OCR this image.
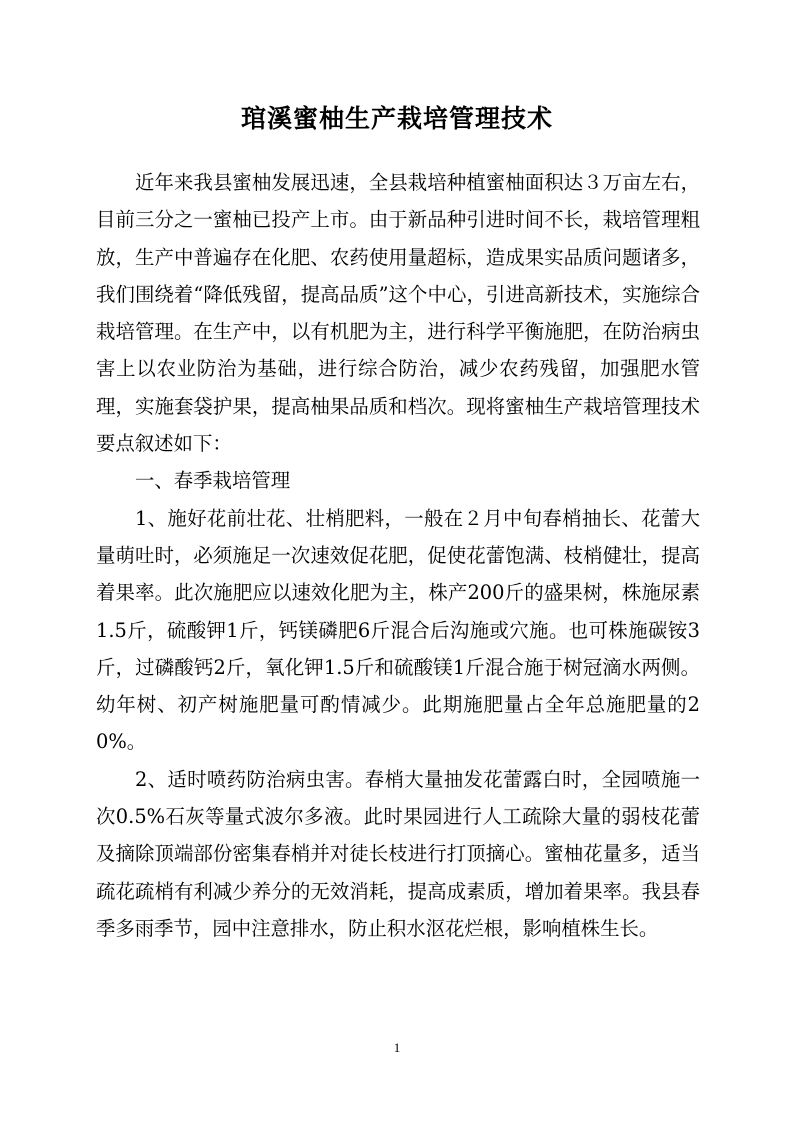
琯溪蜜柚生产栽培管理技术

近年来我县蜜柚发展迅速，全县栽培种植蜜柚面积达３万亩左右，目前三分之一蜜柚已投产上市。由于新品种引进时间不长，栽培管理粗放，生产中普遍存在化肥、农药使用量超标，造成果实品质问题诸多，我们围绕着“降低残留，提高品质”这个中心，引进高新技术，实施综合栽培管理。在生产中，以有机肥为主，进行科学平衡施肥，在防治病虫害上以农业防治为基础，进行综合防治，减少农药残留，加强肥水管理，实施套袋护果，提高柚果品质和档次。现将蜜柚生产栽培管理技术要点叙述如下：

一、春季栽培管理

1、施好花前壮花、壮梢肥料，一般在２月中旬春梢抽长、花蕾大量萌吐时，必须施足一次速效促花肥，促使花蕾饱满、枝梢健壮，提高着果率。此次施肥应以速效化肥为主，株产200斤的盛果树，株施尿素1.5斤，硫酸钾1斤，钙镁磷肥6斤混合后沟施或穴施。也可株施碳铵3斤，过磷酸钙2斤，氧化钾1.5斤和硫酸镁1斤混合施于树冠滴水两侧。幼年树、初产树施肥量可酌情减少。此期施肥量占全年总施肥量的20%。

2、适时喷药防治病虫害。春梢大量抽发花蕾露白时，全园喷施一次0.5%石灰等量式波尔多液。此时果园进行人工疏除大量的弱枝花蕾及摘除顶端部份密集春梢并对徒长枝进行打顶摘心。蜜柚花量多，适当疏花疏梢有利减少养分的无效消耗，提高成素质，增加着果率。我县春季多雨季节，园中注意排水，防止积水沤花烂根，影响植株生长。

1
